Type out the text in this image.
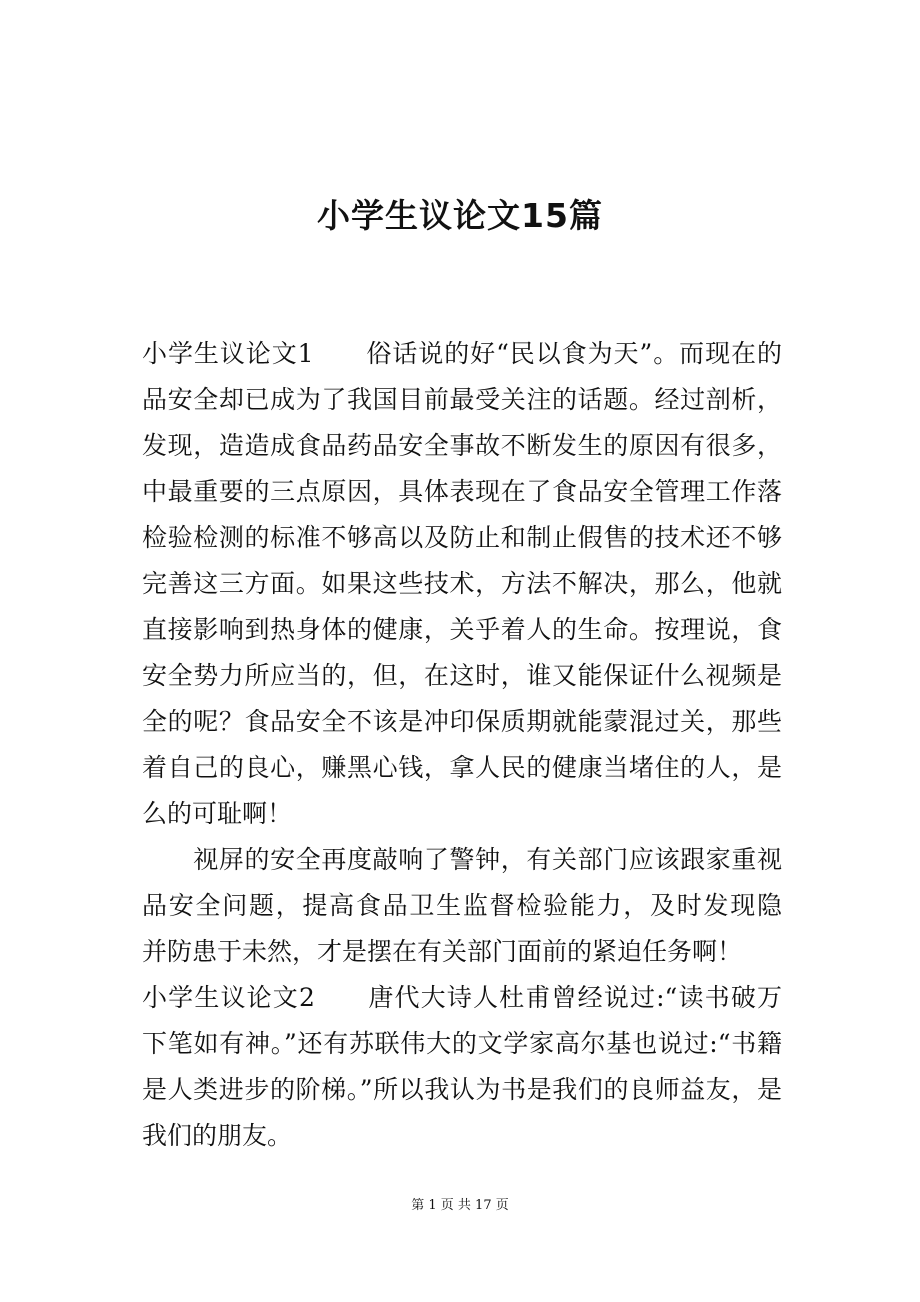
小学生议论文15篇
小学生议论文1　　俗话说的好“民以食为天”。而现在的
品安全却已成为了我国目前最受关注的话题。经过剖析，
发现，造造成食品药品安全事故不断发生的原因有很多，
中最重要的三点原因，具体表现在了食品安全管理工作落
检验检测的标准不够高以及防止和制止假售的技术还不够
完善这三方面。如果这些技术，方法不解决，那么，他就
直接影响到热身体的健康，关乎着人的生命。按理说，食
安全势力所应当的，但，在这时，谁又能保证什么视频是
全的呢？食品安全不该是冲印保质期就能蒙混过关，那些
着自己的良心，赚黑心钱，拿人民的健康当堵住的人，是
么的可耻啊！
　　视屏的安全再度敲响了警钟，有关部门应该跟家重视
品安全问题，提高食品卫生监督检验能力，及时发现隐
并防患于未然，才是摆在有关部门面前的紧迫任务啊！
小学生议论文2　　唐代大诗人杜甫曾经说过:“读书破万
下笔如有神。”还有苏联伟大的文学家高尔基也说过:“书籍
是人类进步的阶梯。”所以我认为书是我们的良师益友，是
我们的朋友。
第 1 页 共 17 页
